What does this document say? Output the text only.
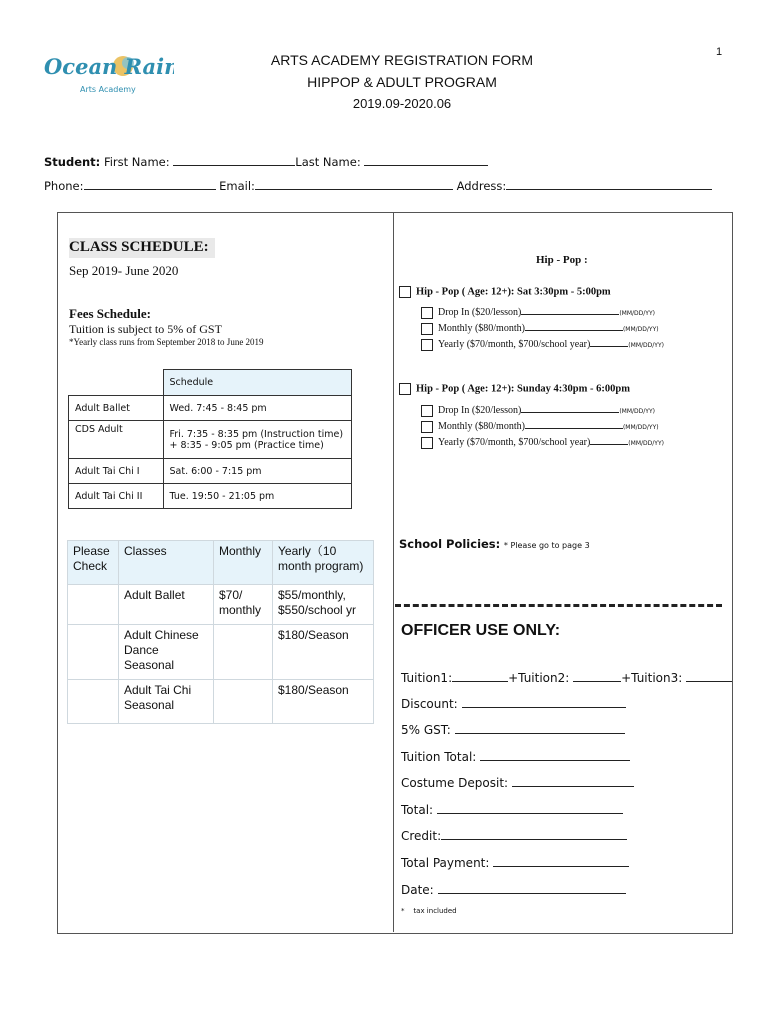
Ocean Rain
Arts Academy
1
ARTS ACADEMY REGISTRATION FORM
HIPPOP & ADULT PROGRAM
2019.09-2020.06
Student: First Name:	Last Name:
Phone:	Email:	Address:
CLASS SCHEDULE:
Sep 2019- June 2020
Fees Schedule:
Tuition is subject to 5% of GST
*Yearly class runs from September 2018 to June 2019
	Schedule
Adult Ballet	Wed. 7:45 - 8:45 pm
CDS Adult	Fri. 7:35 - 8:35 pm (Instruction time)
+ 8:35 - 9:05 pm (Practice time)

Adult Tai Chi I	Sat. 6:00 - 7:15 pm
Adult Tai Chi II	Tue. 19:50 - 21:05 pm
Please Check	Classes	Monthly	Yearly（10 month program)
	Adult Ballet	$70/ monthly	$55/monthly, $550/school yr
	Adult Chinese Dance Seasonal		$180/Season
	Adult Tai Chi Seasonal		$180/Season
Hip - Pop :
Hip - Pop ( Age: 12+): Sat 3:30pm - 5:00pm
Drop In ($20/lesson)	(MM/DD/YY)
Monthly ($80/month)	(MM/DD/YY)
Yearly ($70/month, $700/school year)	(MM/DD/YY)
Hip - Pop ( Age: 12+): Sunday 4:30pm - 6:00pm
Drop In ($20/lesson)	(MM/DD/YY)
Monthly ($80/month)	(MM/DD/YY)
Yearly ($70/month, $700/school year)	(MM/DD/YY)
School Policies: * Please go to page 3
OFFICER USE ONLY:
Tuition1:	+Tuition2:	+Tuition3:
Discount:
5% GST:
Tuition Total:
Costume Deposit:
Total:
Credit:
Total Payment:
Date:
* tax included
